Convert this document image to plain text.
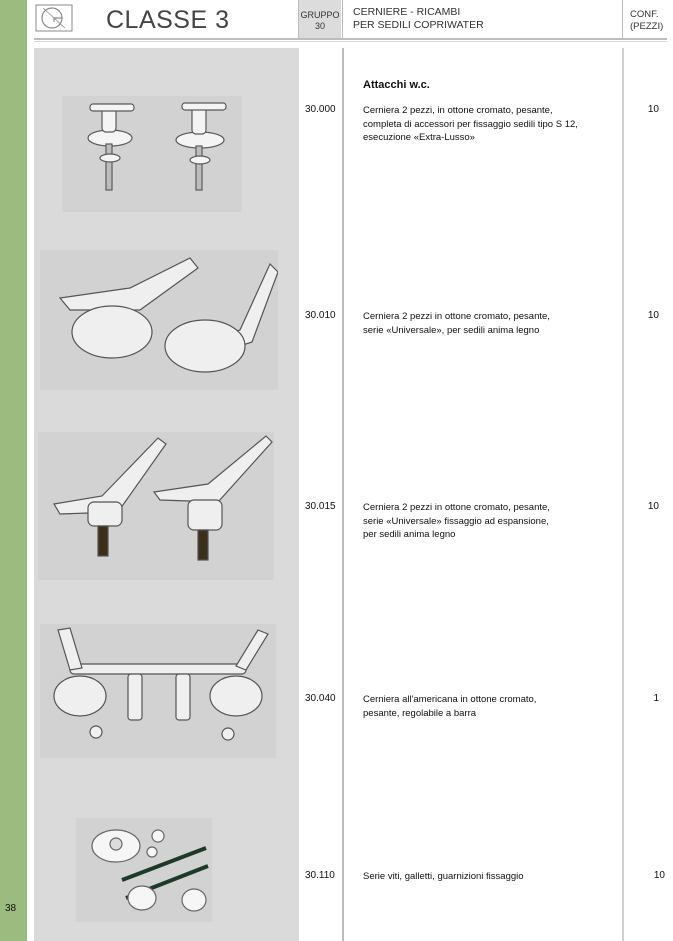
38
CLASSE 3	GRUPPO
30
CERNIERE - RICAMBI
PER SEDILI COPRIWATER
CONF.
(PEZZI)
Attacchi w.c.
30.000	Cerniera 2 pezzi, in ottone cromato, pesante,
completa di accessori per fissaggio sedili tipo S 12,
esecuzione «Extra-Lusso»
10
30.010	Cerniera 2 pezzi in ottone cromato, pesante,
serie «Universale», per sedili anima legno
10
30.015	Cerniera 2 pezzi in ottone cromato, pesante,
serie «Universale» fissaggio ad espansione,
per sedili anima legno
10
30.040	Cerniera all'americana in ottone cromato,
pesante, regolabile a barra
1
30.110	Serie viti, galletti, guarnizioni fissaggio	10
